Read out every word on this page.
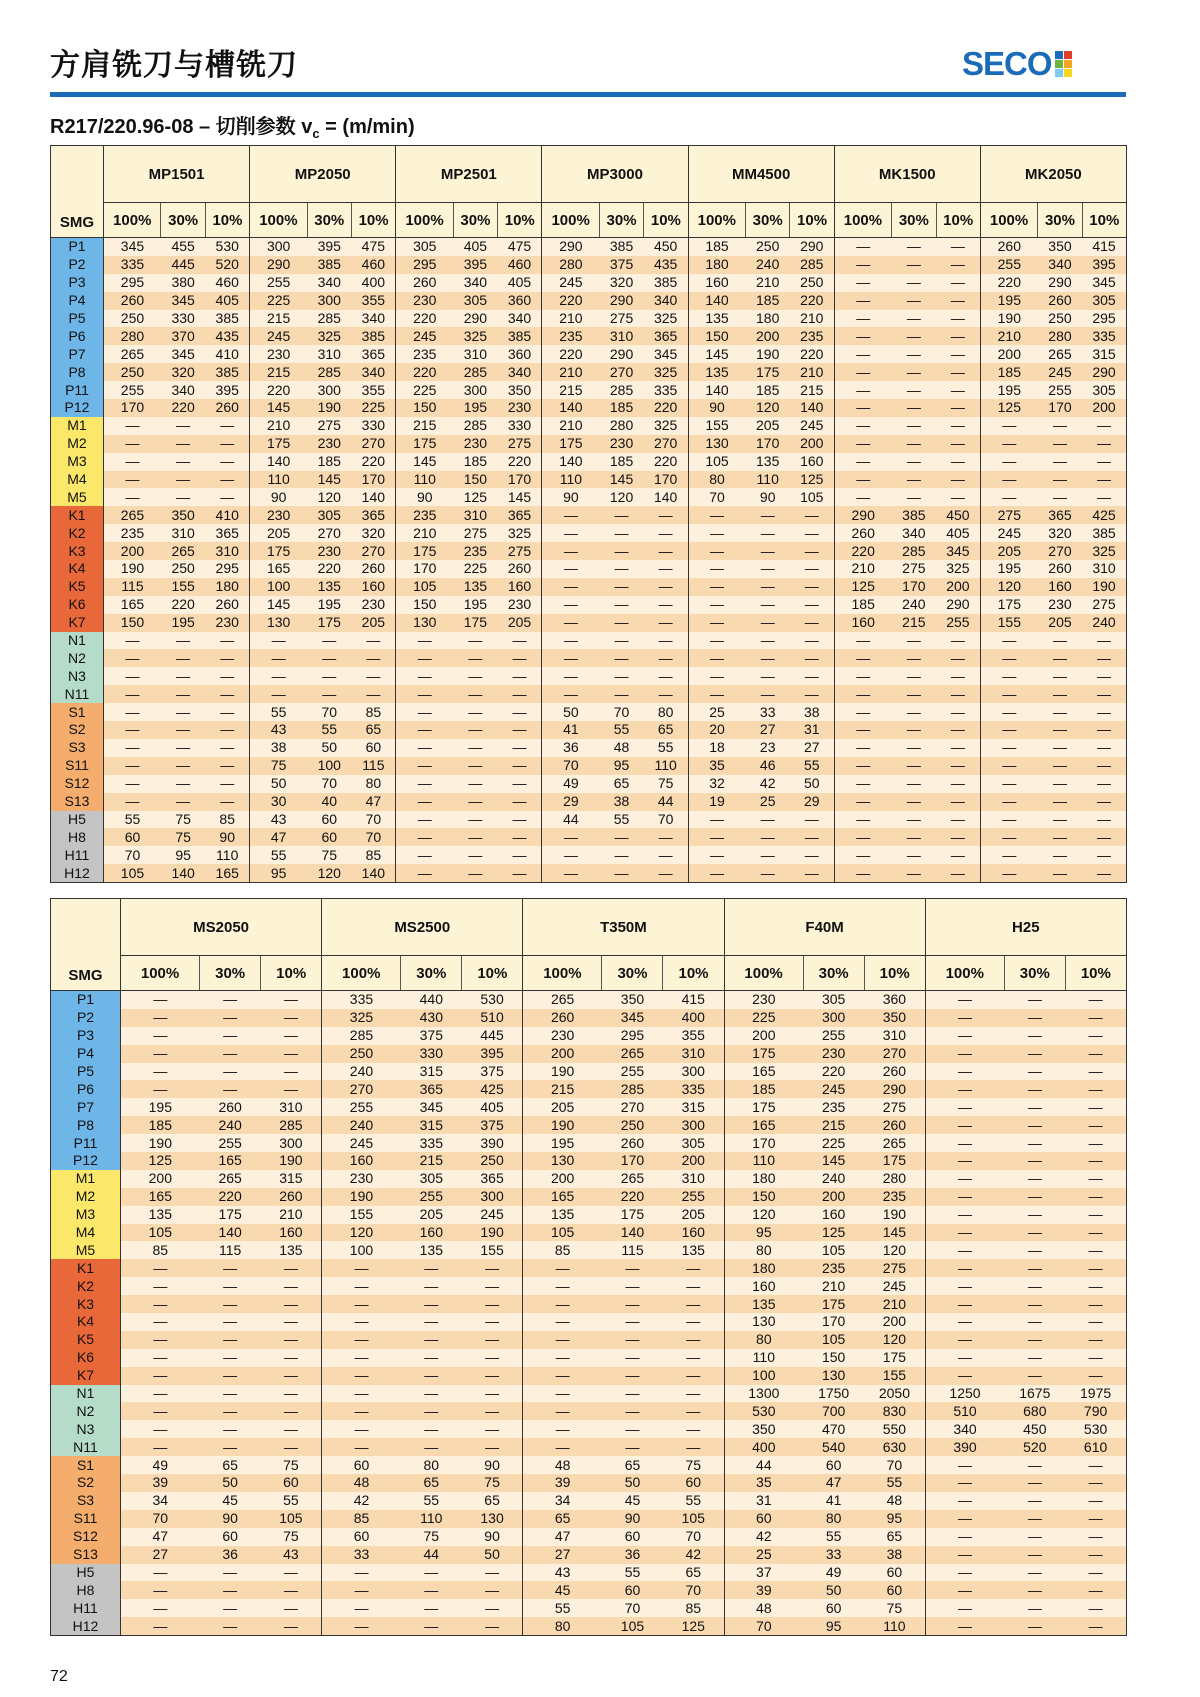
方肩铣刀与槽铣刀	SECO
R217/220.96-08 – 切削参数 $v_c = (m/\min)$
SMG	MP1501			MP2050			MP2501			MP3000			MM4500			MK1500			MK2050		
	100%	30%	10%	100%	30%	10%	100%	30%	10%	100%	30%	10%	100%	30%	10%	100%	30%	10%	100%	30%	10%
P1	345	455	530	300	395	475	305	405	475	290	385	450	185	250	290	—	—	—	260	350	415
P2	335	445	520	290	385	460	295	395	460	280	375	435	180	240	285	—	—	—	255	340	395
P3	295	380	460	255	340	400	260	340	405	245	320	385	160	210	250	—	—	—	220	290	345
P4	260	345	405	225	300	355	230	305	360	220	290	340	140	185	220	—	—	—	195	260	305
P5	250	330	385	215	285	340	220	290	340	210	275	325	135	180	210	—	—	—	190	250	295
P6	280	370	435	245	325	385	245	325	385	235	310	365	150	200	235	—	—	—	210	280	335
P7	265	345	410	230	310	365	235	310	360	220	290	345	145	190	220	—	—	—	200	265	315
P8	250	320	385	215	285	340	220	285	340	210	270	325	135	175	210	—	—	—	185	245	290
P11	255	340	395	220	300	355	225	300	350	215	285	335	140	185	215	—	—	—	195	255	305
P12	170	220	260	145	190	225	150	195	230	140	185	220	90	120	140	—	—	—	125	170	200
M1	—	—	—	210	275	330	215	285	330	210	280	325	155	205	245	—	—	—	—	—	—
M2	—	—	—	175	230	270	175	230	275	175	230	270	130	170	200	—	—	—	—	—	—
M3	—	—	—	140	185	220	145	185	220	140	185	220	105	135	160	—	—	—	—	—	—
M4	—	—	—	110	145	170	110	150	170	110	145	170	80	110	125	—	—	—	—	—	—
M5	—	—	—	90	120	140	90	125	145	90	120	140	70	90	105	—	—	—	—	—	—
K1	265	350	410	230	305	365	235	310	365	—	—	—	—	—	—	290	385	450	275	365	425
K2	235	310	365	205	270	320	210	275	325	—	—	—	—	—	—	260	340	405	245	320	385
K3	200	265	310	175	230	270	175	235	275	—	—	—	—	—	—	220	285	345	205	270	325
K4	190	250	295	165	220	260	170	225	260	—	—	—	—	—	—	210	275	325	195	260	310
K5	115	155	180	100	135	160	105	135	160	—	—	—	—	—	—	125	170	200	120	160	190
K6	165	220	260	145	195	230	150	195	230	—	—	—	—	—	—	185	240	290	175	230	275
K7	150	195	230	130	175	205	130	175	205	—	—	—	—	—	—	160	215	255	155	205	240
N1	—	—	—	—	—	—	—	—	—	—	—	—	—	—	—	—	—	—	—	—	—
N2	—	—	—	—	—	—	—	—	—	—	—	—	—	—	—	—	—	—	—	—	—
N3	—	—	—	—	—	—	—	—	—	—	—	—	—	—	—	—	—	—	—	—	—
N11	—	—	—	—	—	—	—	—	—	—	—	—	—	—	—	—	—	—	—	—	—
S1	—	—	—	55	70	85	—	—	—	50	70	80	25	33	38	—	—	—	—	—	—
S2	—	—	—	43	55	65	—	—	—	41	55	65	20	27	31	—	—	—	—	—	—
S3	—	—	—	38	50	60	—	—	—	36	48	55	18	23	27	—	—	—	—	—	—
S11	—	—	—	75	100	115	—	—	—	70	95	110	35	46	55	—	—	—	—	—	—
S12	—	—	—	50	70	80	—	—	—	49	65	75	32	42	50	—	—	—	—	—	—
S13	—	—	—	30	40	47	—	—	—	29	38	44	19	25	29	—	—	—	—	—	—
H5	55	75	85	43	60	70	—	—	—	44	55	70	—	—	—	—	—	—	—	—	—
H8	60	75	90	47	60	70	—	—	—	—	—	—	—	—	—	—	—	—	—	—	—
H11	70	95	110	55	75	85	—	—	—	—	—	—	—	—	—	—	—	—	—	—	—
H12	105	140	165	95	120	140	—	—	—	—	—	—	—	—	—	—	—	—	—	—	—
SMG	MS2050			MS2500			T350M			F40M			H25		
	100%	30%	10%	100%	30%	10%	100%	30%	10%	100%	30%	10%	100%	30%	10%
P1	—	—	—	335	440	530	265	350	415	230	305	360	—	—	—
P2	—	—	—	325	430	510	260	345	400	225	300	350	—	—	—
P3	—	—	—	285	375	445	230	295	355	200	255	310	—	—	—
P4	—	—	—	250	330	395	200	265	310	175	230	270	—	—	—
P5	—	—	—	240	315	375	190	255	300	165	220	260	—	—	—
P6	—	—	—	270	365	425	215	285	335	185	245	290	—	—	—
P7	195	260	310	255	345	405	205	270	315	175	235	275	—	—	—
P8	185	240	285	240	315	375	190	250	300	165	215	260	—	—	—
P11	190	255	300	245	335	390	195	260	305	170	225	265	—	—	—
P12	125	165	190	160	215	250	130	170	200	110	145	175	—	—	—
M1	200	265	315	230	305	365	200	265	310	180	240	280	—	—	—
M2	165	220	260	190	255	300	165	220	255	150	200	235	—	—	—
M3	135	175	210	155	205	245	135	175	205	120	160	190	—	—	—
M4	105	140	160	120	160	190	105	140	160	95	125	145	—	—	—
M5	85	115	135	100	135	155	85	115	135	80	105	120	—	—	—
K1	—	—	—	—	—	—	—	—	—	180	235	275	—	—	—
K2	—	—	—	—	—	—	—	—	—	160	210	245	—	—	—
K3	—	—	—	—	—	—	—	—	—	135	175	210	—	—	—
K4	—	—	—	—	—	—	—	—	—	130	170	200	—	—	—
K5	—	—	—	—	—	—	—	—	—	80	105	120	—	—	—
K6	—	—	—	—	—	—	—	—	—	110	150	175	—	—	—
K7	—	—	—	—	—	—	—	—	—	100	130	155	—	—	—
N1	—	—	—	—	—	—	—	—	—	1300	1750	2050	1250	1675	1975
N2	—	—	—	—	—	—	—	—	—	530	700	830	510	680	790
N3	—	—	—	—	—	—	—	—	—	350	470	550	340	450	530
N11	—	—	—	—	—	—	—	—	—	400	540	630	390	520	610
S1	49	65	75	60	80	90	48	65	75	44	60	70	—	—	—
S2	39	50	60	48	65	75	39	50	60	35	47	55	—	—	—
S3	34	45	55	42	55	65	34	45	55	31	41	48	—	—	—
S11	70	90	105	85	110	130	65	90	105	60	80	95	—	—	—
S12	47	60	75	60	75	90	47	60	70	42	55	65	—	—	—
S13	27	36	43	33	44	50	27	36	42	25	33	38	—	—	—
H5	—	—	—	—	—	—	43	55	65	37	49	60	—	—	—
H8	—	—	—	—	—	—	45	60	70	39	50	60	—	—	—
H11	—	—	—	—	—	—	55	70	85	48	60	75	—	—	—
H12	—	—	—	—	—	—	80	105	125	70	95	110	—	—	—
72
